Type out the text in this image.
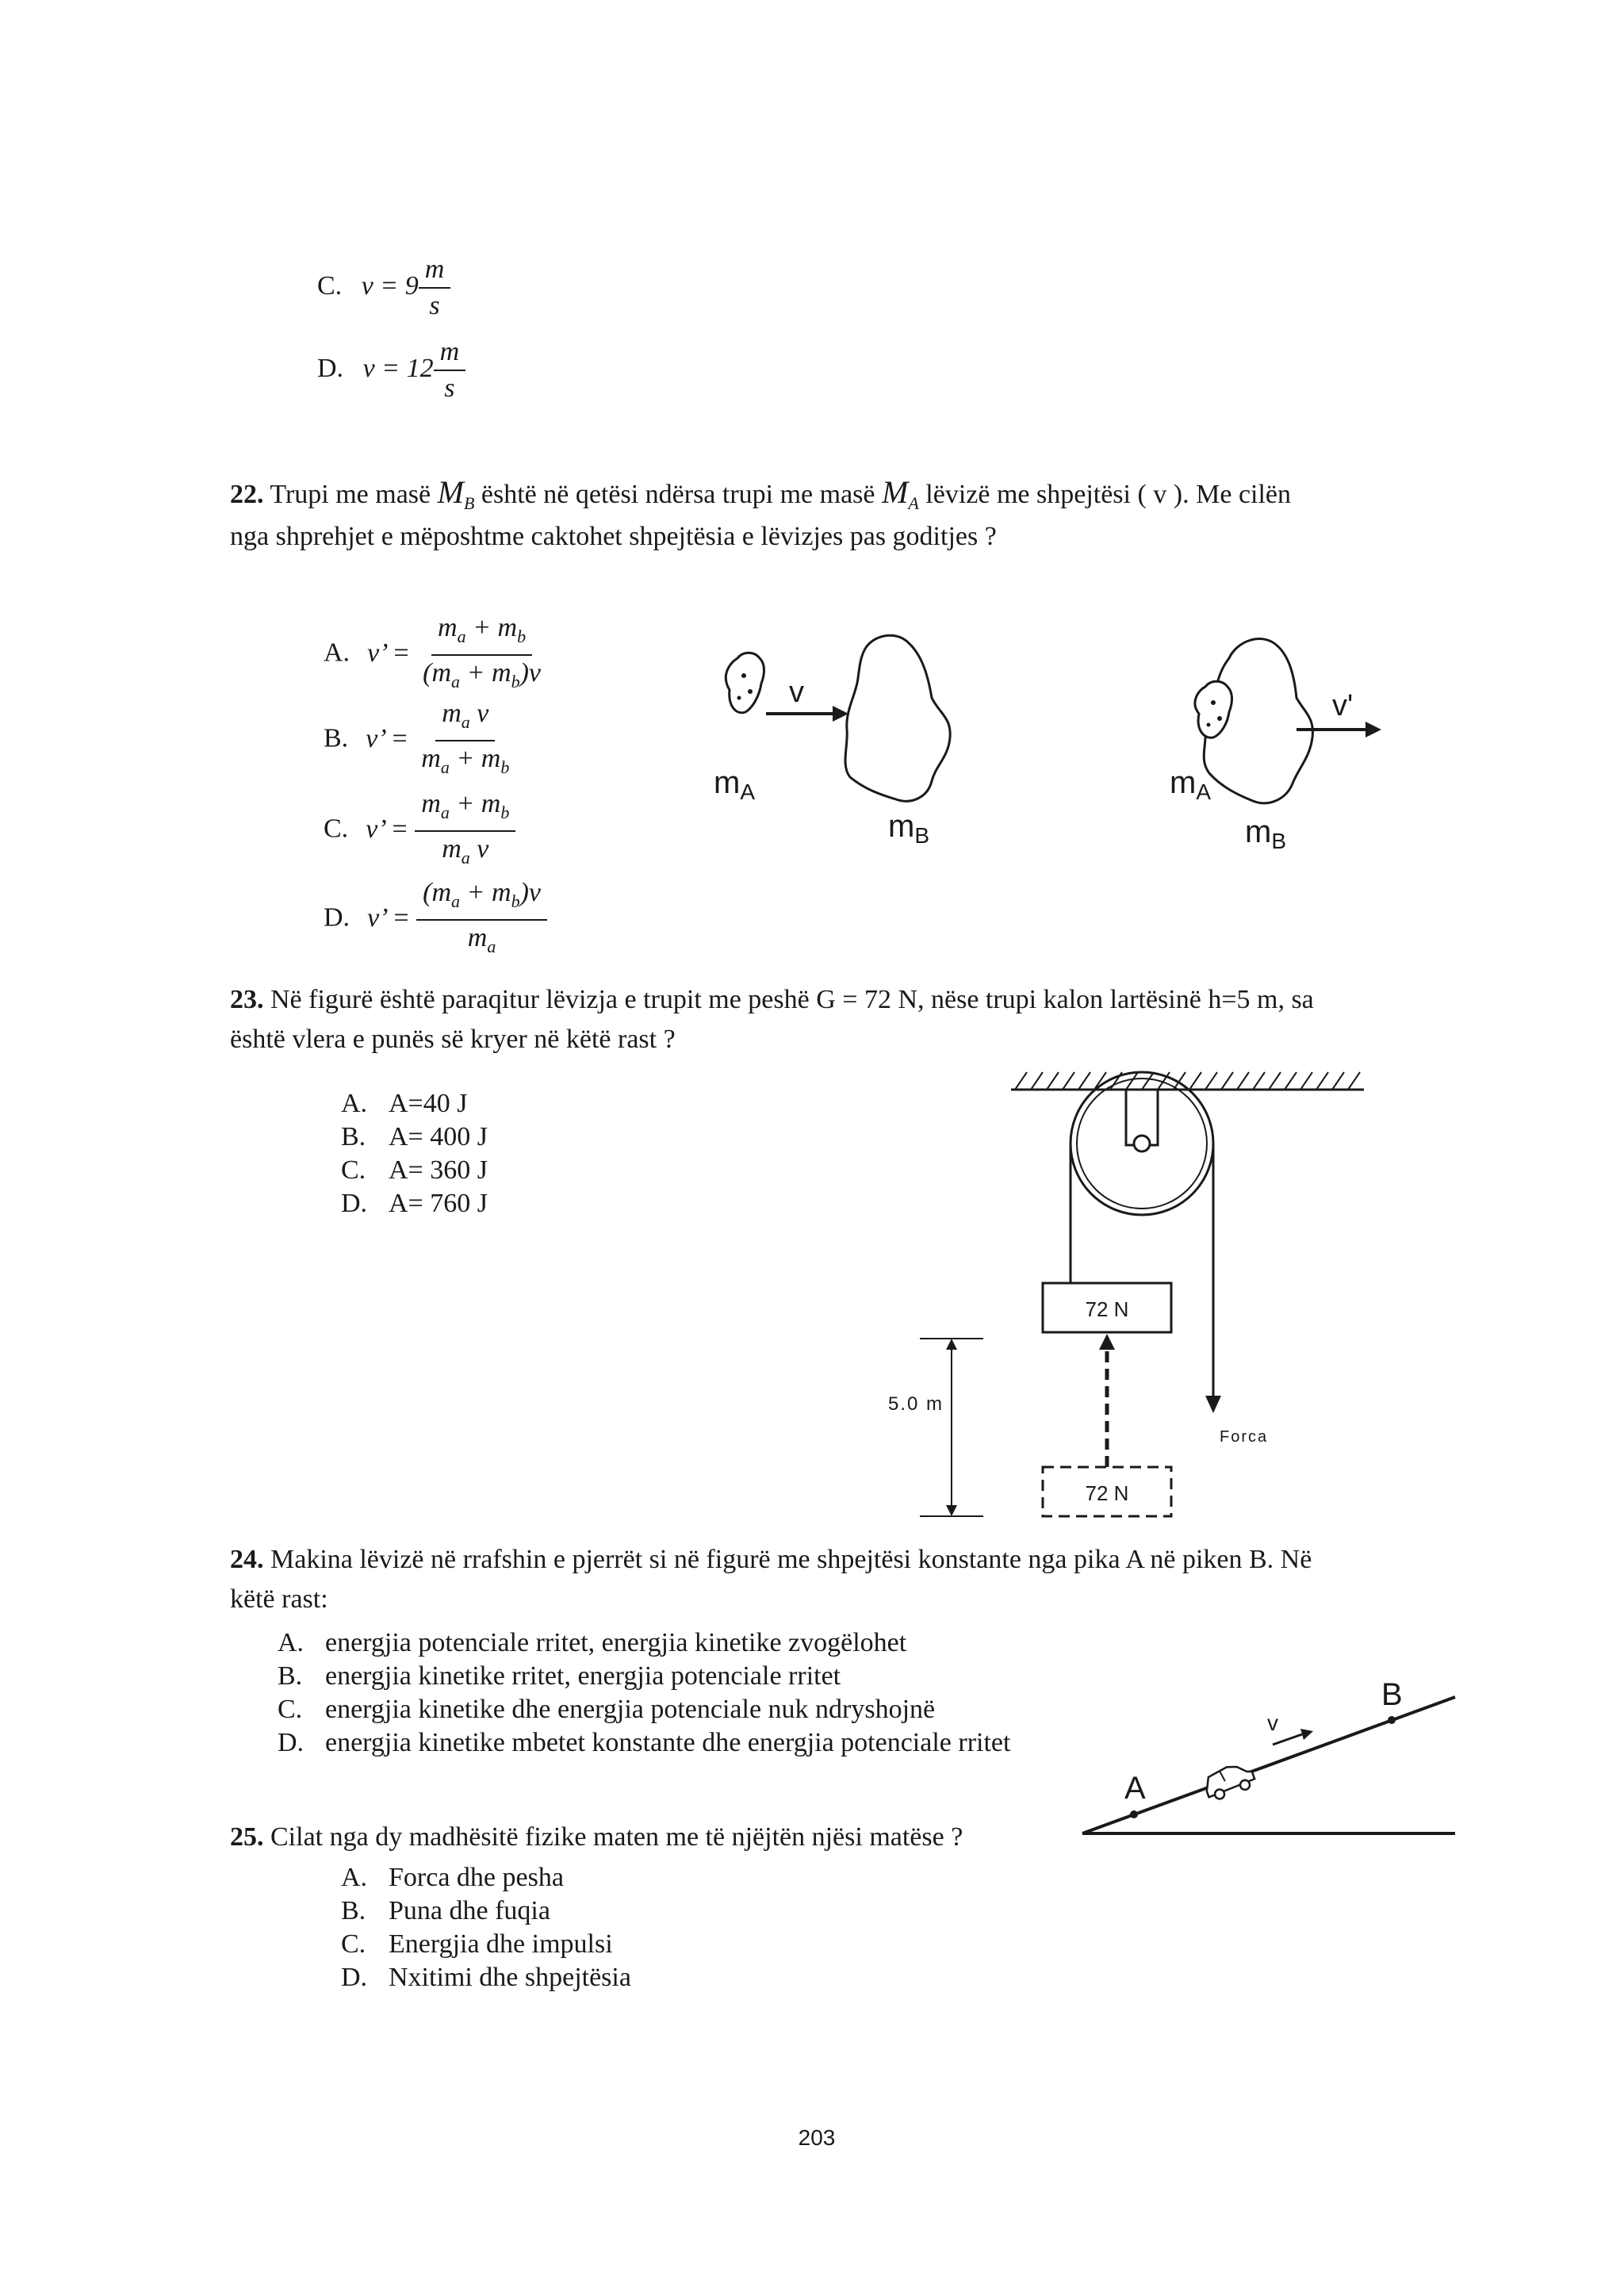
C. $v = 9 \frac{m}{s}$
D. $v = 12 \frac{m}{s}$
22. Trupi me masë $M_B$ është në qetësi ndërsa trupi me masë $M_A$ lëvizë me shpejtësi ( v ). Me cilën
nga shprehjet e mëposhtme caktohet shpejtësia e lëvizjes pas goditjes ?
A. v’ = $\frac{m_a + m_b}{(m_a + m_b)v}$
B. v’ = $\frac{m_a v}{m_a + m_b}$
C. v’ = $\frac{m_a + m_b}{m_a v}$
D. v’ = $\frac{(m_a + m_b)v}{m_a}$
v
$m_A$
$m_B$
v'
$m_A$
$m_B$
23. Në figurë është paraqitur lëvizja e trupit me peshë G = 72 N, nëse trupi kalon lartësinë h=5 m, sa
është vlera e punës së kryer në këtë rast ?
A. A=40 J
B. A= 400 J
C. A= 360 J
D. A= 760 J
Forca
72 N
72 N
5.0 m
24. Makina lëvizë në rrafshin e pjerrët si në figurë me shpejtësi konstante nga pika A në piken B. Në
këtë rast:
A. energjia potenciale rritet, energjia kinetike zvogëlohet
B. energjia kinetike rritet, energjia potenciale rritet
C. energjia kinetike dhe energjia potenciale nuk ndryshojnë
D. energjia kinetike mbetet konstante dhe energjia potenciale rritet
A
B
v
25. Cilat nga dy madhësitë fizike maten me të njëjtën njësi matëse ?
A. Forca dhe pesha
B. Puna dhe fuqia
C. Energjia dhe impulsi
D. Nxitimi dhe shpejtësia
203
